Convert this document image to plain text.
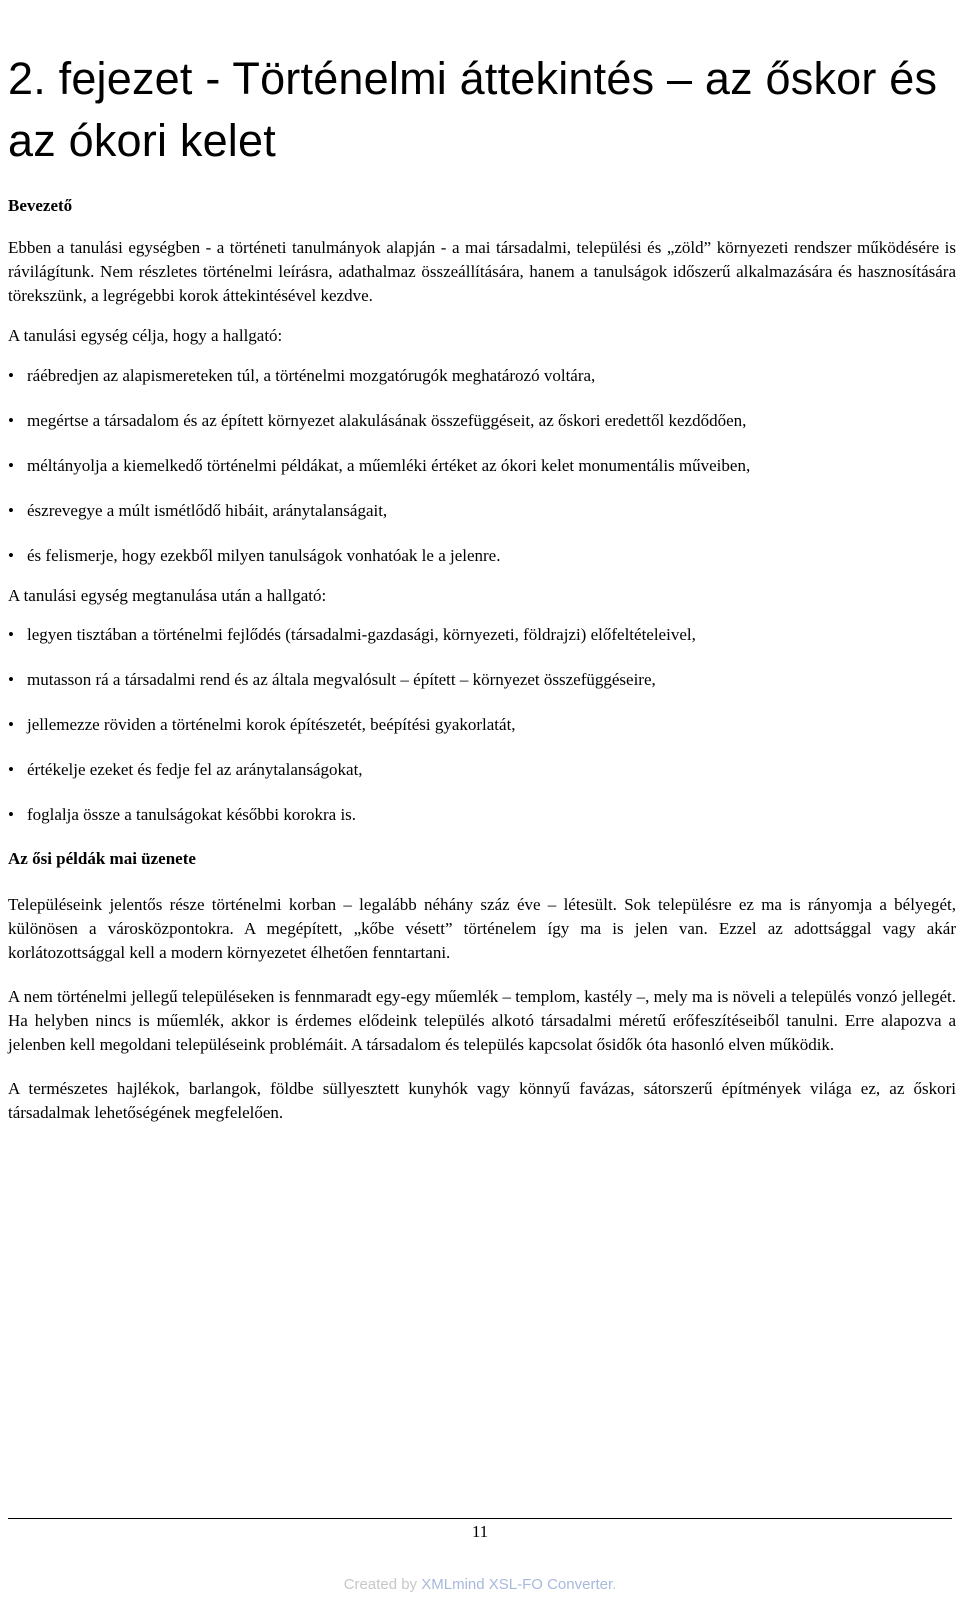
2. fejezet - Történelmi áttekintés – az őskor és az ókori kelet
Bevezető

Ebben a tanulási egységben - a történeti tanulmányok alapján - a mai társadalmi, települési és „zöld” környezeti rendszer működésére is rávilágítunk. Nem részletes történelmi leírásra, adathalmaz összeállítására, hanem a tanulságok időszerű alkalmazására és hasznosítására törekszünk, a legrégebbi korok áttekintésével kezdve.

A tanulási egység célja, hogy a hallgató:

• ráébredjen az alapismereteken túl, a történelmi mozgatórugók meghatározó voltára,
• megértse a társadalom és az épített környezet alakulásának összefüggéseit, az őskori eredettől kezdődően,
• méltányolja a kiemelkedő történelmi példákat, a műemléki értéket az ókori kelet monumentális műveiben,
• észrevegye a múlt ismétlődő hibáit, aránytalanságait,
• és felismerje, hogy ezekből milyen tanulságok vonhatóak le a jelenre.

A tanulási egység megtanulása után a hallgató:

• legyen tisztában a történelmi fejlődés (társadalmi-gazdasági, környezeti, földrajzi) előfeltételeivel,
• mutasson rá a társadalmi rend és az általa megvalósult – épített – környezet összefüggéseire,
• jellemezze röviden a történelmi korok építészetét, beépítési gyakorlatát,
• értékelje ezeket és fedje fel az aránytalanságokat,
• foglalja össze a tanulságokat későbbi korokra is.
Az ősi példák mai üzenete

Településeink jelentős része történelmi korban – legalább néhány száz éve – létesült. Sok településre ez ma is rányomja a bélyegét, különösen a városközpontokra. A megépített, „kőbe vésett” történelem így ma is jelen van. Ezzel az adottsággal vagy akár korlátozottsággal kell a modern környezetet élhetően fenntartani.

A nem történelmi jellegű településeken is fennmaradt egy-egy műemlék – templom, kastély –, mely ma is növeli a település vonzó jellegét. Ha helyben nincs is műemlék, akkor is érdemes elődeink település alkotó társadalmi méretű erőfeszítéseiből tanulni. Erre alapozva a jelenben kell megoldani településeink problémáit. A társadalom és település kapcsolat ősidők óta hasonló elven működik.

A természetes hajlékok, barlangok, földbe süllyesztett kunyhók vagy könnyű favázas, sátorszerű építmények világa ez, az őskori társadalmak lehetőségének megfelelően.

11
Created by XMLmind XSL-FO Converter.
